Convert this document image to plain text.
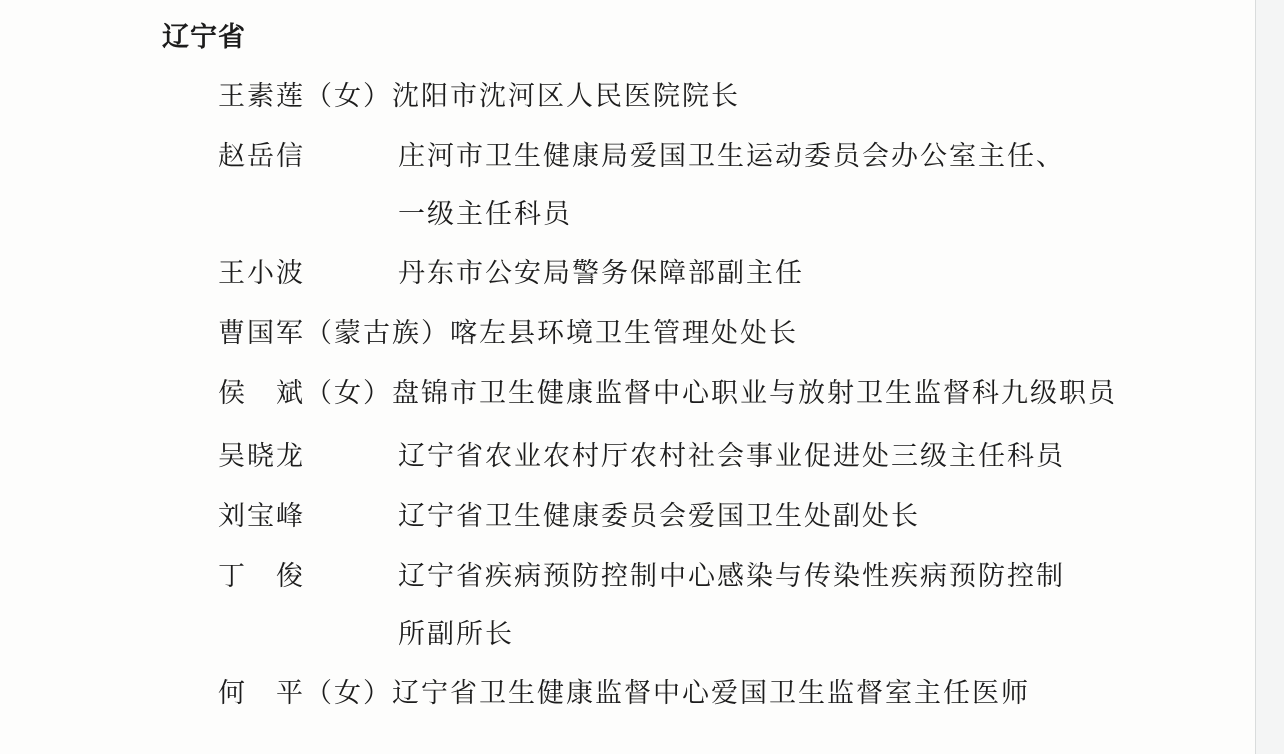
辽宁省
王素莲（女） 沈阳市沈河区人民医院院长
赵岳信	庄河市卫生健康局爱国卫生运动委员会办公室主任、
一级主任科员
王小波	丹东市公安局警务保障部副主任
曹国军（蒙古族） 喀左县环境卫生管理处处长
侯　斌（女） 盘锦市卫生健康监督中心职业与放射卫生监督科九级职员
吴晓龙	辽宁省农业农村厅农村社会事业促进处三级主任科员
刘宝峰	辽宁省卫生健康委员会爱国卫生处副处长
丁　俊	辽宁省疾病预防控制中心感染与传染性疾病预防控制
所副所长
何　平（女） 辽宁省卫生健康监督中心爱国卫生监督室主任医师
